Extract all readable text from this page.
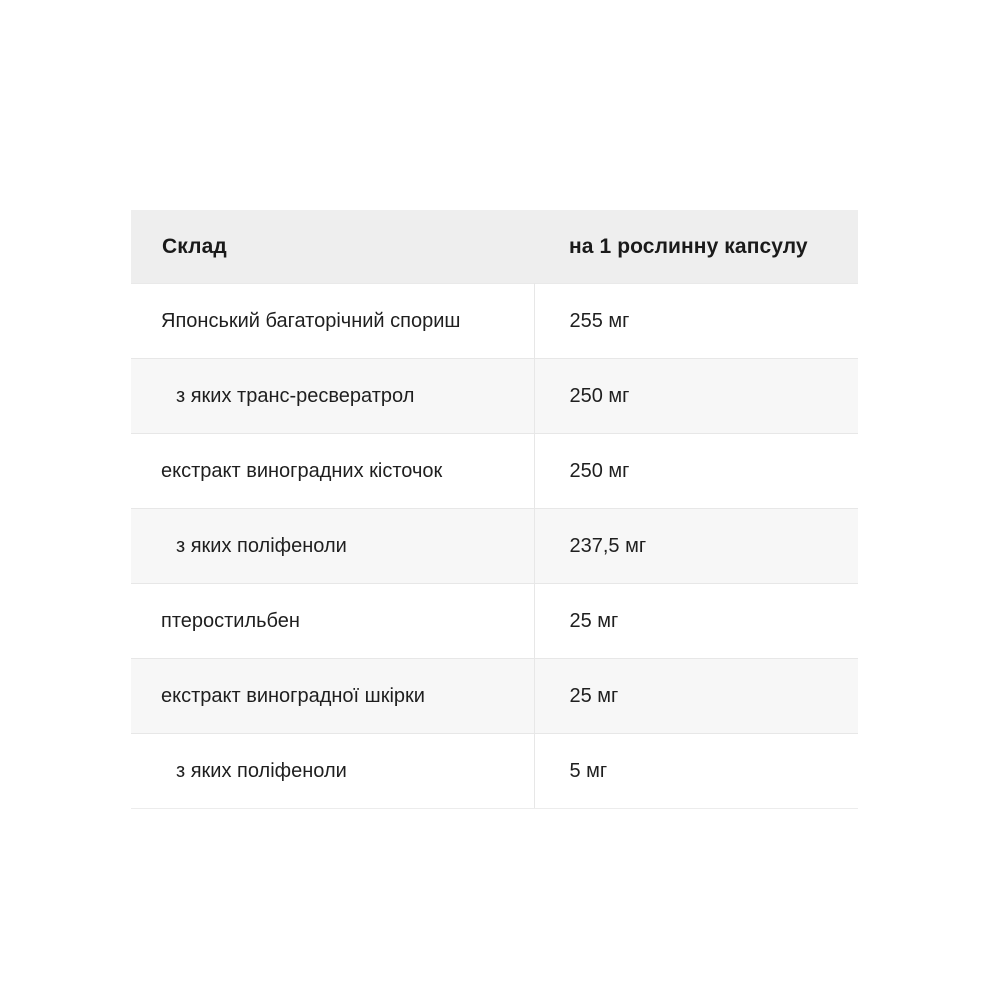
Склад	на 1 рослинну капсулу
Японський багаторічний спориш	255 мг
з яких транс-ресвератрол	250 мг
екстракт виноградних кісточок	250 мг
з яких поліфеноли	237,5 мг
птеростильбен	25 мг
екстракт виноградної шкірки	25 мг
з яких поліфеноли	5 мг
